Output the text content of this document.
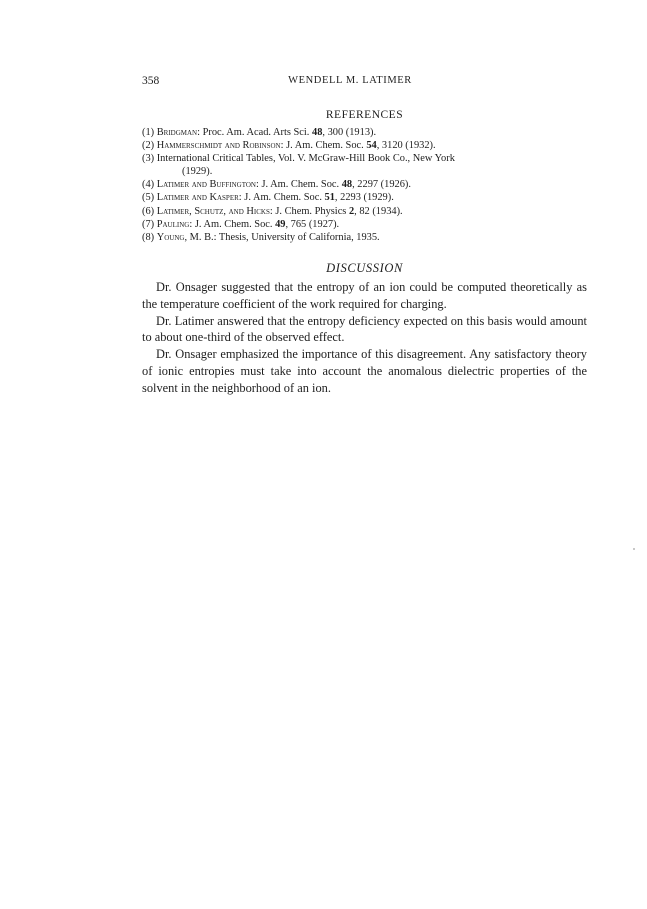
358	WENDELL M. LATIMER
REFERENCES

(1) Bridgman: Proc. Am. Acad. Arts Sci. 48, 300 (1913).

(2) Hammerschmidt and Robinson: J. Am. Chem. Soc. 54, 3120 (1932).

(3) International Critical Tables, Vol. V. McGraw-Hill Book Co., New York

(1929).

(4) Latimer and Buffington: J. Am. Chem. Soc. 48, 2297 (1926).

(5) Latimer and Kasper: J. Am. Chem. Soc. 51, 2293 (1929).

(6) Latimer, Schutz, and Hicks: J. Chem. Physics 2, 82 (1934).

(7) Pauling: J. Am. Chem. Soc. 49, 765 (1927).

(8) Young, M. B.: Thesis, University of California, 1935.

DISCUSSION

Dr. Onsager suggested that the entropy of an ion could be computed theoretically as the temperature coefficient of the work required for charging.

Dr. Latimer answered that the entropy deficiency expected on this basis would amount to about one-third of the observed effect.

Dr. Onsager emphasized the importance of this disagreement. Any satisfactory theory of ionic entropies must take into account the anomalous dielectric properties of the solvent in the neighborhood of an ion.
